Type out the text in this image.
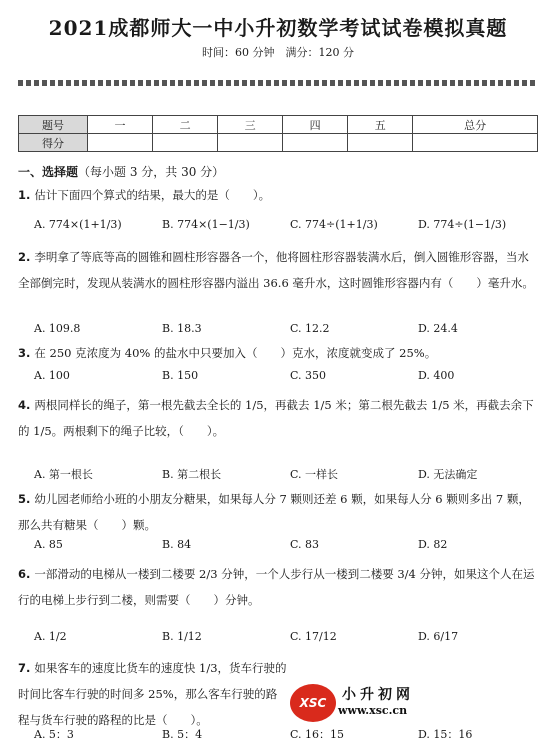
2021成都师大一中小升初数学考试试卷模拟真题
时间：60 分钟　满分：120 分
题号	一	二	三	四	五	总分
得分						
一、选择题（每小题 3 分，共 30 分）
1. 估计下面四个算式的结果，最大的是（　　）。
A. 774×(1+1/3)	B. 774×(1−1/3)	C. 774÷(1+1/3)	D. 774÷(1−1/3)
2. 李明拿了等底等高的圆锥和圆柱形容器各一个，他将圆柱形容器装满水后，倒入圆锥形容器，当水全部倒完时，发现从装满水的圆柱形容器内溢出 36.6 毫升水，这时圆锥形容器内有（　　）毫升水。
A. 109.8	B. 18.3	C. 12.2	D. 24.4
3. 在 250 克浓度为 40% 的盐水中只要加入（　　）克水，浓度就变成了 25%。
A. 100	B. 150	C. 350	D. 400
4. 两根同样长的绳子，第一根先截去全长的 1/5，再截去 1/5 米；第二根先截去 1/5 米，再截去余下的 1/5。两根剩下的绳子比较，（　　）。
A. 第一根长	B. 第二根长	C. 一样长	D. 无法确定
5. 幼儿园老师给小班的小朋友分糖果，如果每人分 7 颗则还差 6 颗，如果每人分 6 颗则多出 7 颗，那么共有糖果（　　）颗。
A. 85	B. 84	C. 83	D. 82
6. 一部滑动的电梯从一楼到二楼要 2/3 分钟，一个人步行从一楼到二楼要 3/4 分钟，如果这个人在运行的电梯上步行到二楼，则需要（　　）分钟。
A. 1/2	B. 1/12	C. 17/12	D. 6/17
7. 如果客车的速度比货车的速度快 1/3，货车行驶的时间比客车行驶的时间多 25%，那么客车行驶的路程与货车行驶的路程的比是（　　）。
A. 5：3	B. 5：4	C. 16：15	D. 15：16
XSC	小升初网
www.xsc.cn
